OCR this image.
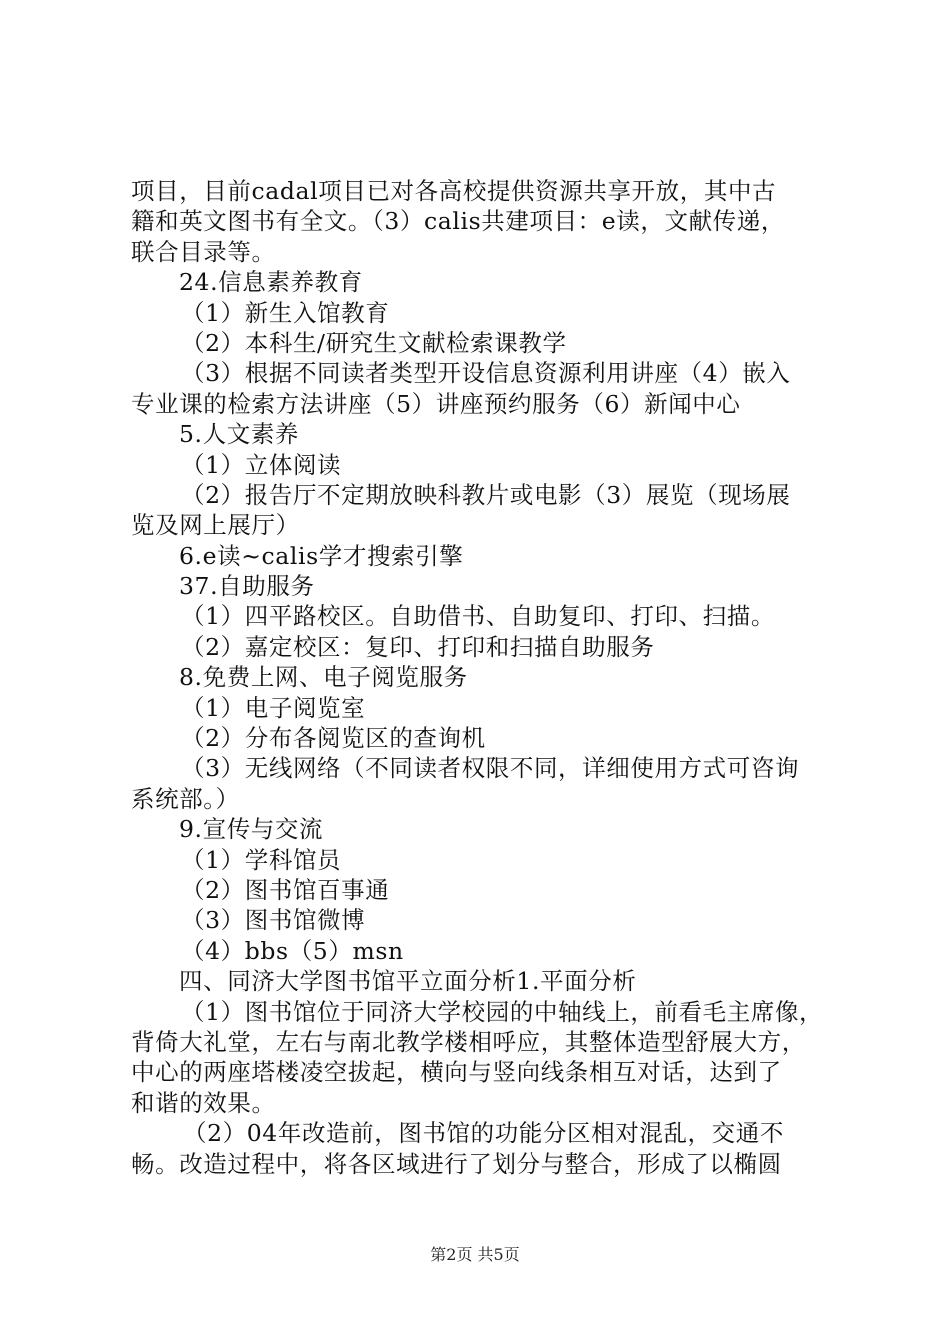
项目，目前cadal项目已对各高校提供资源共享开放，其中古
籍和英文图书有全文。（3）calis共建项目：e读，文献传递，
联合目录等。
24.信息素养教育
（1）新生入馆教育
（2）本科生/研究生文献检索课教学
（3）根据不同读者类型开设信息资源利用讲座（4）嵌入
专业课的检索方法讲座（5）讲座预约服务（6）新闻中心
5.人文素养
（1）立体阅读
（2）报告厅不定期放映科教片或电影（3）展览（现场展
览及网上展厅）
6.e读~calis学才搜索引擎
37.自助服务
（1）四平路校区。自助借书、自助复印、打印、扫描。
（2）嘉定校区：复印、打印和扫描自助服务
8.免费上网、电子阅览服务
（1）电子阅览室
（2）分布各阅览区的查询机
（3）无线网络（不同读者权限不同，详细使用方式可咨询
系统部。）
9.宣传与交流
（1）学科馆员
（2）图书馆百事通
（3）图书馆微博
（4）bbs（5）msn
四、同济大学图书馆平立面分析1.平面分析
（1）图书馆位于同济大学校园的中轴线上，前看毛主席像，
背倚大礼堂，左右与南北教学楼相呼应，其整体造型舒展大方，
中心的两座塔楼凌空拔起，横向与竖向线条相互对话，达到了
和谐的效果。
（2）04年改造前，图书馆的功能分区相对混乱，交通不
畅。改造过程中，将各区域进行了划分与整合，形成了以椭圆
第2页 共5页
